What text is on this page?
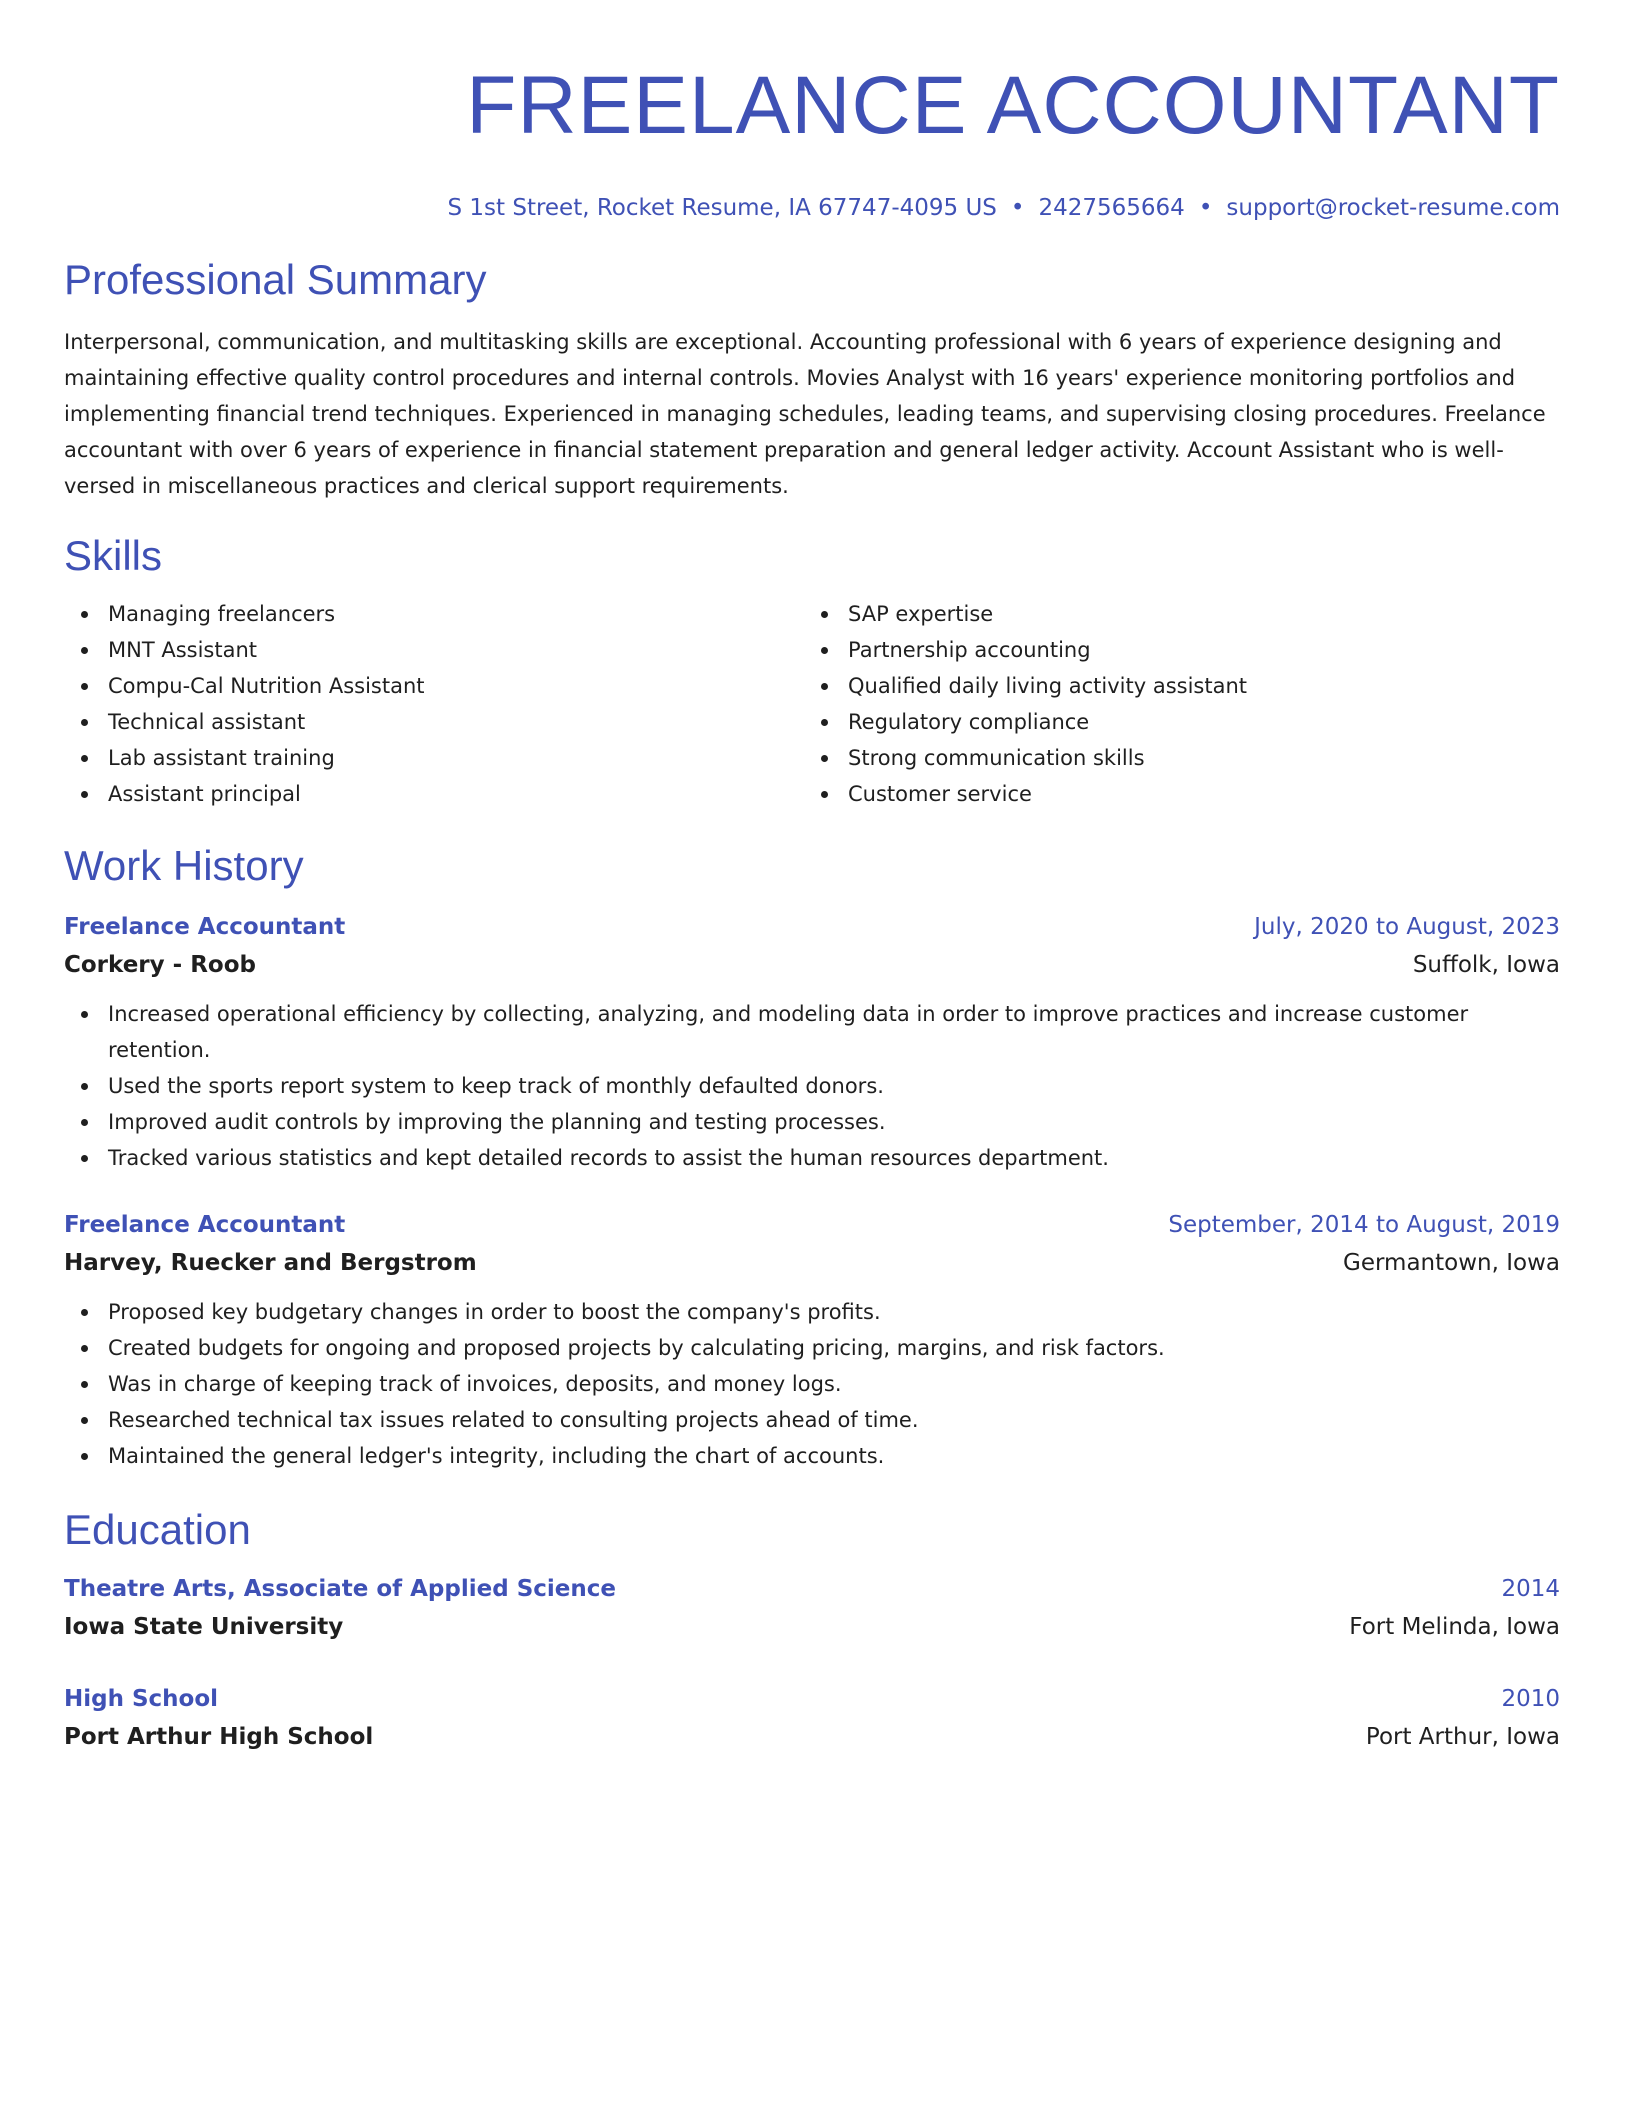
FREELANCE ACCOUNTANT
S 1st Street, Rocket Resume, IA 67747-4095 US • 2427565664 • support@rocket-resume.com
Professional Summary
Interpersonal, communication, and multitasking skills are exceptional. Accounting professional with 6 years of experience designing and maintaining effective quality control procedures and internal controls. Movies Analyst with 16 years' experience monitoring portfolios and implementing financial trend techniques. Experienced in managing schedules, leading teams, and supervising closing procedures. Freelance accountant with over 6 years of experience in financial statement preparation and general ledger activity. Account Assistant who is well-versed in miscellaneous practices and clerical support requirements.
Skills
Managing freelancers
MNT Assistant
Compu-Cal Nutrition Assistant
Technical assistant
Lab assistant training
Assistant principal
SAP expertise
Partnership accounting
Qualified daily living activity assistant
Regulatory compliance
Strong communication skills
Customer service
Work History
Freelance Accountant	July, 2020 to August, 2023
Corkery - Roob	Suffolk, Iowa
Increased operational efficiency by collecting, analyzing, and modeling data in order to improve practices and increase customer retention.
Used the sports report system to keep track of monthly defaulted donors.
Improved audit controls by improving the planning and testing processes.
Tracked various statistics and kept detailed records to assist the human resources department.
Freelance Accountant	September, 2014 to August, 2019
Harvey, Ruecker and Bergstrom	Germantown, Iowa
Proposed key budgetary changes in order to boost the company's profits.
Created budgets for ongoing and proposed projects by calculating pricing, margins, and risk factors.
Was in charge of keeping track of invoices, deposits, and money logs.
Researched technical tax issues related to consulting projects ahead of time.
Maintained the general ledger's integrity, including the chart of accounts.
Education
Theatre Arts, Associate of Applied Science	2014
Iowa State University	Fort Melinda, Iowa
High School	2010
Port Arthur High School	Port Arthur, Iowa
